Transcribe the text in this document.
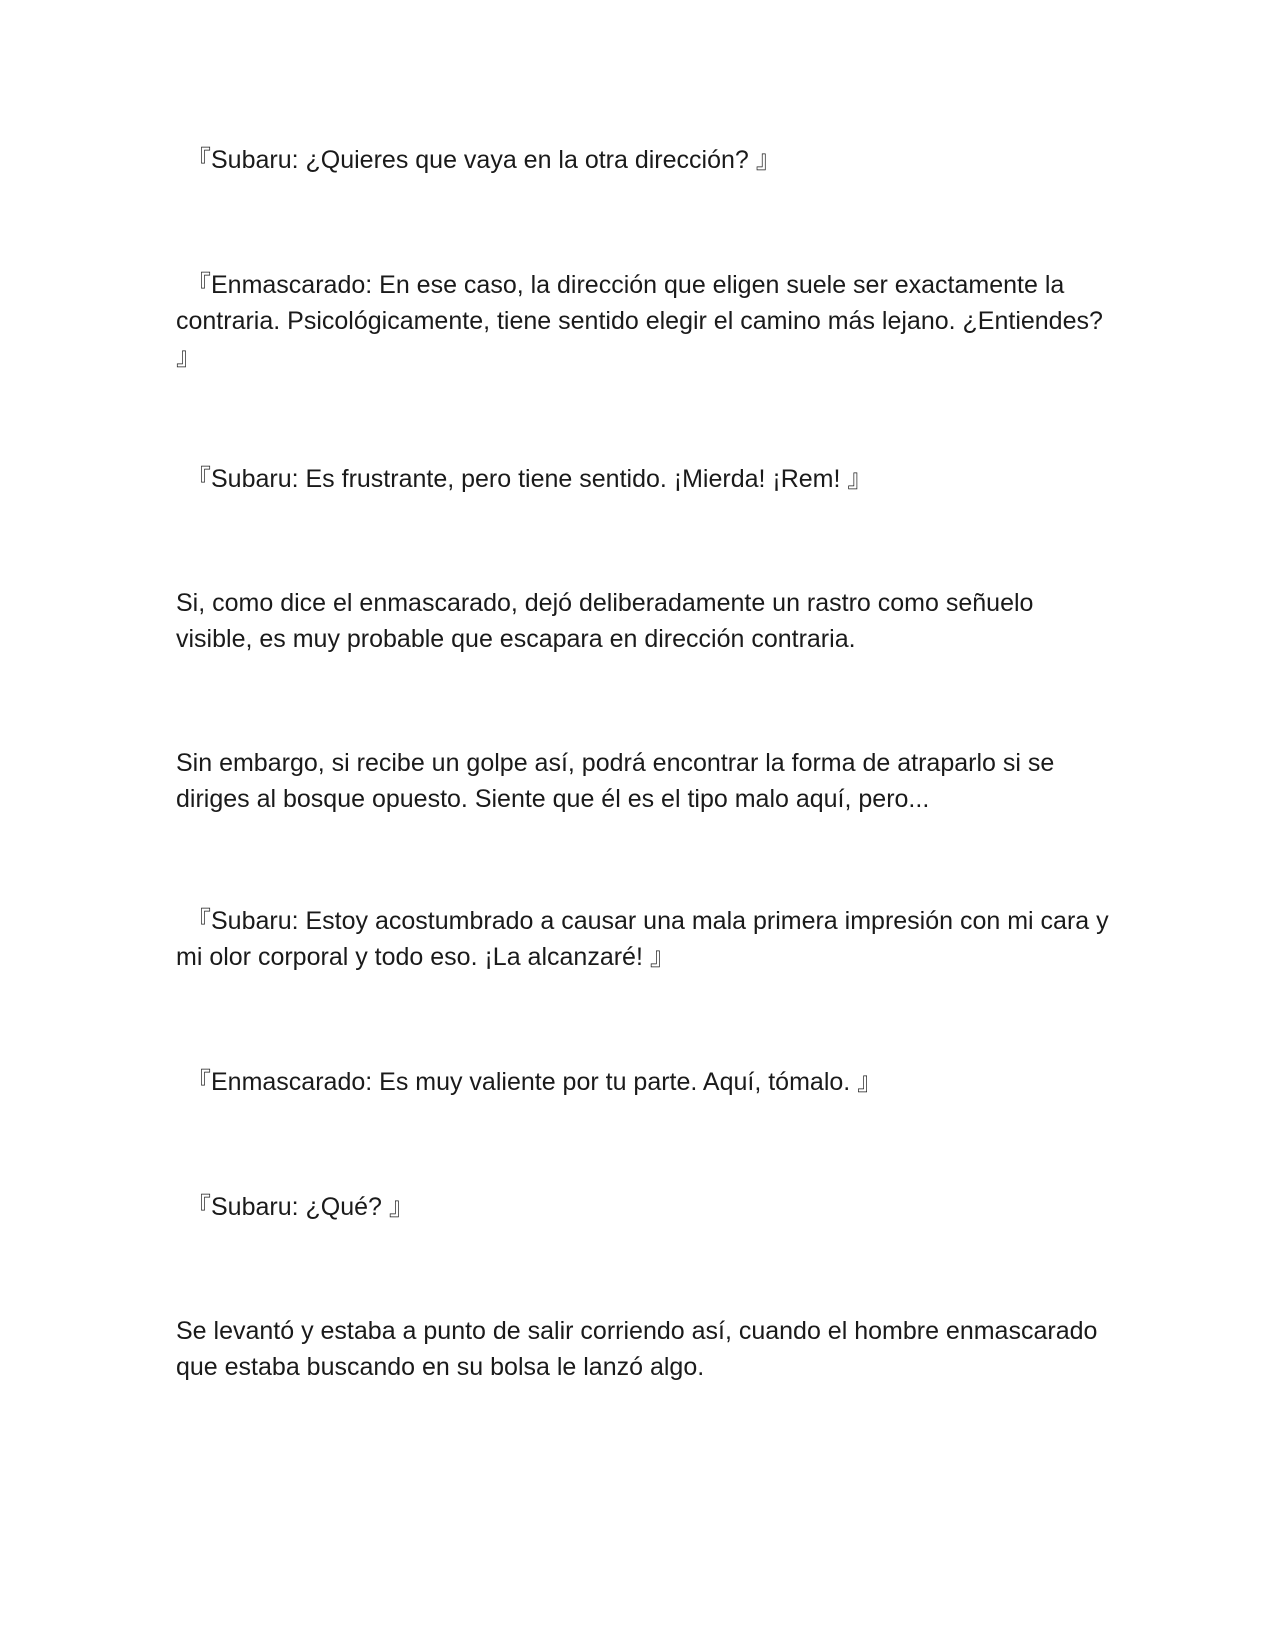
『Subaru: ¿Quieres que vaya en la otra dirección? 』

『Enmascarado: En ese caso, la dirección que eligen suele ser exactamente la contraria. Psicológicamente, tiene sentido elegir el camino más lejano. ¿Entiendes? 』

『Subaru: Es frustrante, pero tiene sentido. ¡Mierda! ¡Rem! 』

Si, como dice el enmascarado, dejó deliberadamente un rastro como señuelo visible, es muy probable que escapara en dirección contraria.

Sin embargo, si recibe un golpe así, podrá encontrar la forma de atraparlo si se diriges al bosque opuesto. Siente que él es el tipo malo aquí, pero...

『Subaru: Estoy acostumbrado a causar una mala primera impresión con mi cara y mi olor corporal y todo eso. ¡La alcanzaré! 』

『Enmascarado: Es muy valiente por tu parte. Aquí, tómalo. 』

『Subaru: ¿Qué? 』

Se levantó y estaba a punto de salir corriendo así, cuando el hombre enmascarado que estaba buscando en su bolsa le lanzó algo.
